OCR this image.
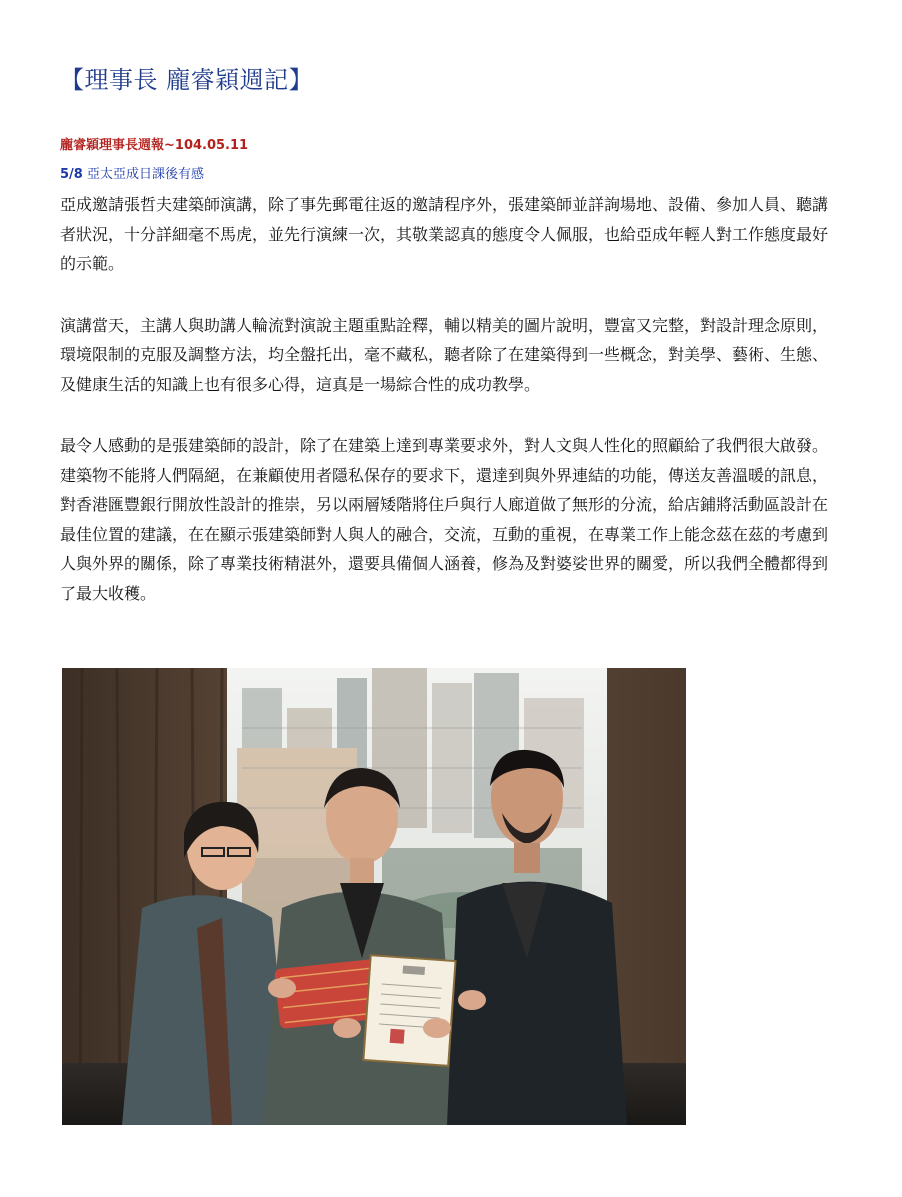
【理事長 龐睿穎週記】
龐睿穎理事長週報~104.05.11

5/8 亞太亞成日課後有感

亞成邀請張哲夫建築師演講，除了事先郵電往返的邀請程序外，張建築師並詳詢場地、設備、參加人員、聽講者狀況，十分詳細毫不馬虎，並先行演練一次，其敬業認真的態度令人佩服，也給亞成年輕人對工作態度最好的示範。

演講當天，主講人與助講人輪流對演說主題重點詮釋，輔以精美的圖片說明，豐富又完整，對設計理念原則，環境限制的克服及調整方法，均全盤托出，毫不藏私，聽者除了在建築得到一些概念，對美學、藝術、生態、及健康生活的知識上也有很多心得，這真是一場綜合性的成功教學。

最令人感動的是張建築師的設計，除了在建築上達到專業要求外，對人文與人性化的照顧給了我們很大啟發。建築物不能將人們隔絕，在兼顧使用者隱私保存的要求下，還達到與外界連結的功能，傳送友善溫暖的訊息，對香港匯豐銀行開放性設計的推崇，另以兩層矮階將住戶與行人廊道做了無形的分流，給店鋪將活動區設計在最佳位置的建議，在在顯示張建築師對人與人的融合，交流，互動的重視，在專業工作上能念茲在茲的考慮到人與外界的關係，除了專業技術精湛外，還要具備個人涵養，修為及對婆娑世界的關愛，所以我們全體都得到了最大收穫。
